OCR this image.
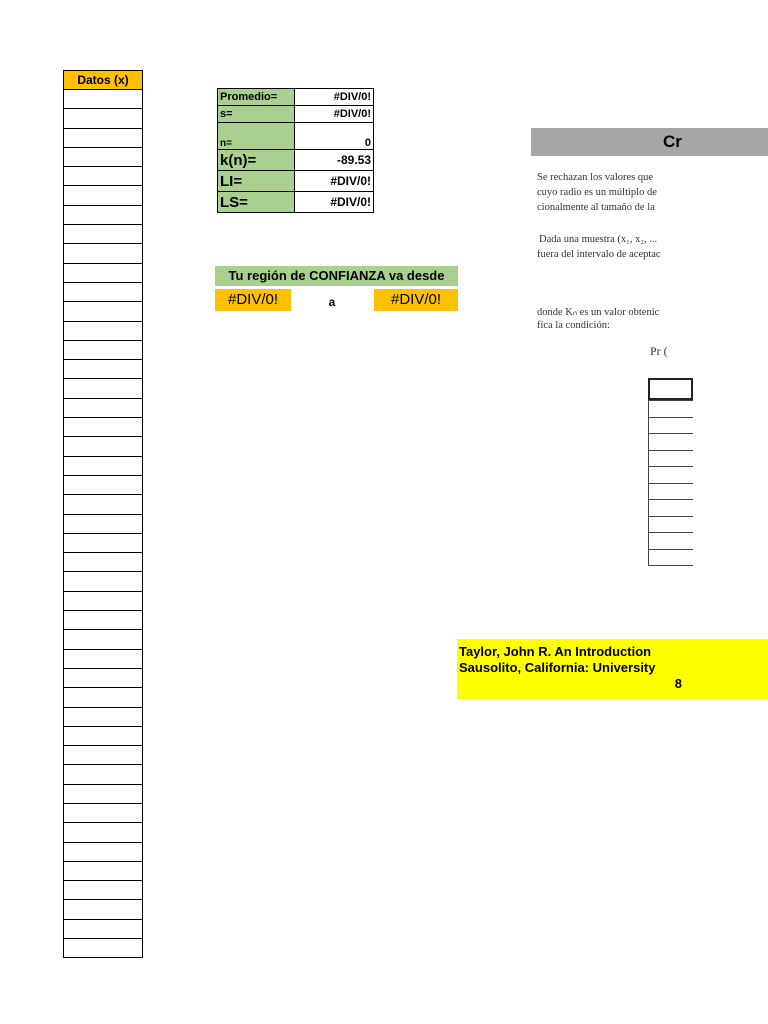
Datos (x)
Promedio=	#DIV/0!
s=	#DIV/0!
n=	0
k(n)=	-89.53
LI=	#DIV/0!
LS=	#DIV/0!
Tu región de CONFIANZA va desde
#DIV/0!	a	#DIV/0!
Cr
Se rechazan los valores que
cuyo radio es un múltiplo de
cionalmente al tamaño de la
Dada una muestra (x₁, x₂, ...
fuera del intervalo de aceptac
donde Kₙ es un valor obtenic
fica la condición:
Pr (
Taylor, John R. An Introduction
Sausolito, California: University
8
